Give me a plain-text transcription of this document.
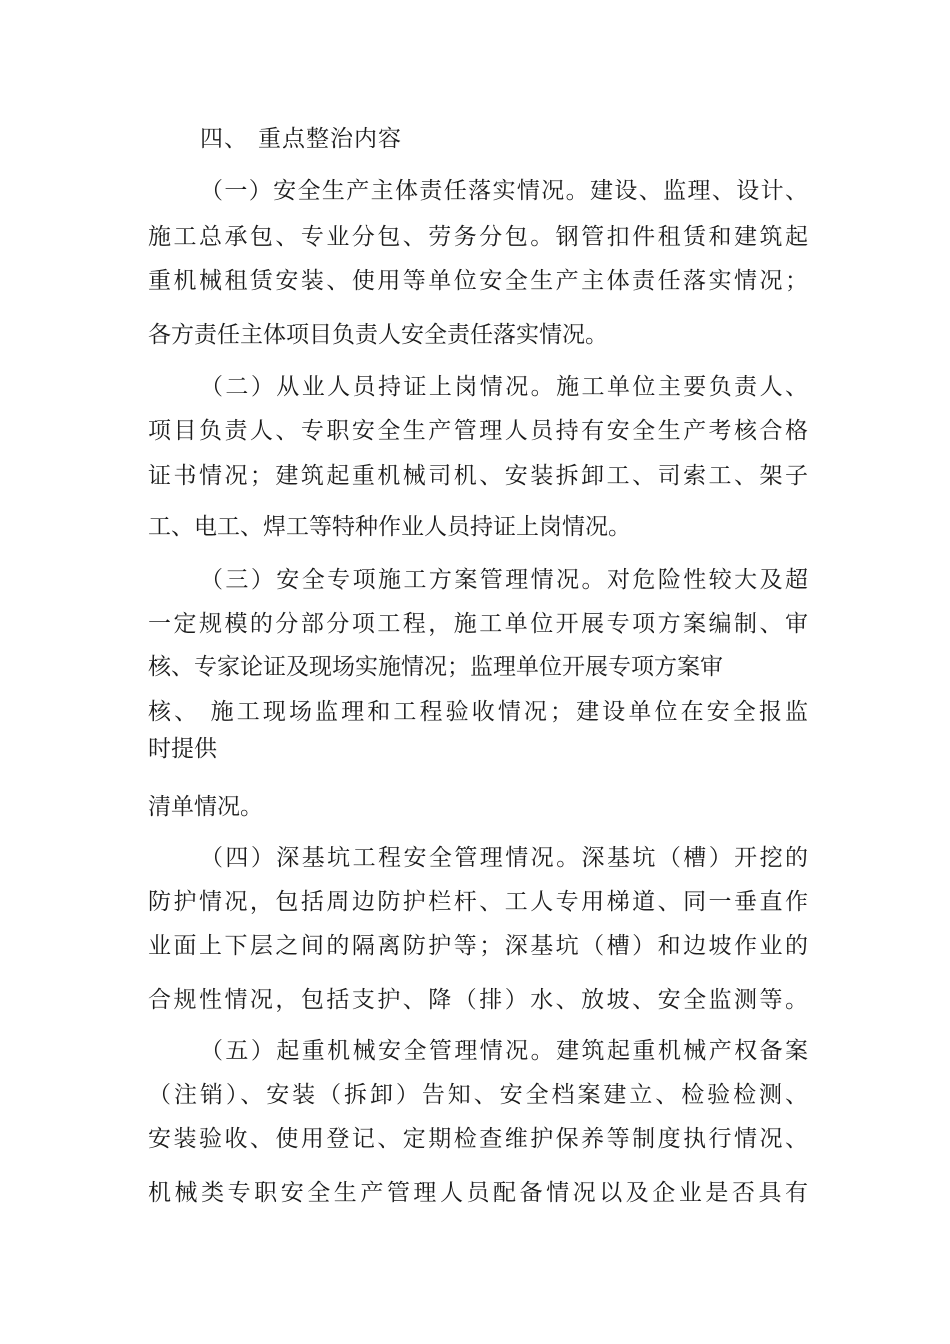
四、 重点整治内容
（一）安全生产主体责任落实情况。建设、监理、设计、
施工总承包、专业分包、劳务分包。钢管扣件租赁和建筑起
重机械租赁安装、使用等单位安全生产主体责任落实情况；
各方责任主体项目负责人安全责任落实情况。
（二）从业人员持证上岗情况。施工单位主要负责人、
项目负责人、专职安全生产管理人员持有安全生产考核合格
证书情况；建筑起重机械司机、安装拆卸工、司索工、架子
工、电工、焊工等特种作业人员持证上岗情况。
（三）安全专项施工方案管理情况。对危险性较大及超
一定规模的分部分项工程，施工单位开展专项方案编制、审
核、专家论证及现场实施情况；监理单位开展专项方案审
核、 施工现场监理和工程验收情况；建设单位在安全报监
时提供
清单情况。
（四）深基坑工程安全管理情况。深基坑（槽）开挖的
防护情况，包括周边防护栏杆、工人专用梯道、同一垂直作
业面上下层之间的隔离防护等；深基坑（槽）和边坡作业的
合规性情况，包括支护、降（排）水、放坡、安全监测等。
（五）起重机械安全管理情况。建筑起重机械产权备案
（注销）、安装（拆卸）告知、安全档案建立、检验检测、
安装验收、使用登记、定期检查维护保养等制度执行情况、
机械类专职安全生产管理人员配备情况以及企业是否具有
